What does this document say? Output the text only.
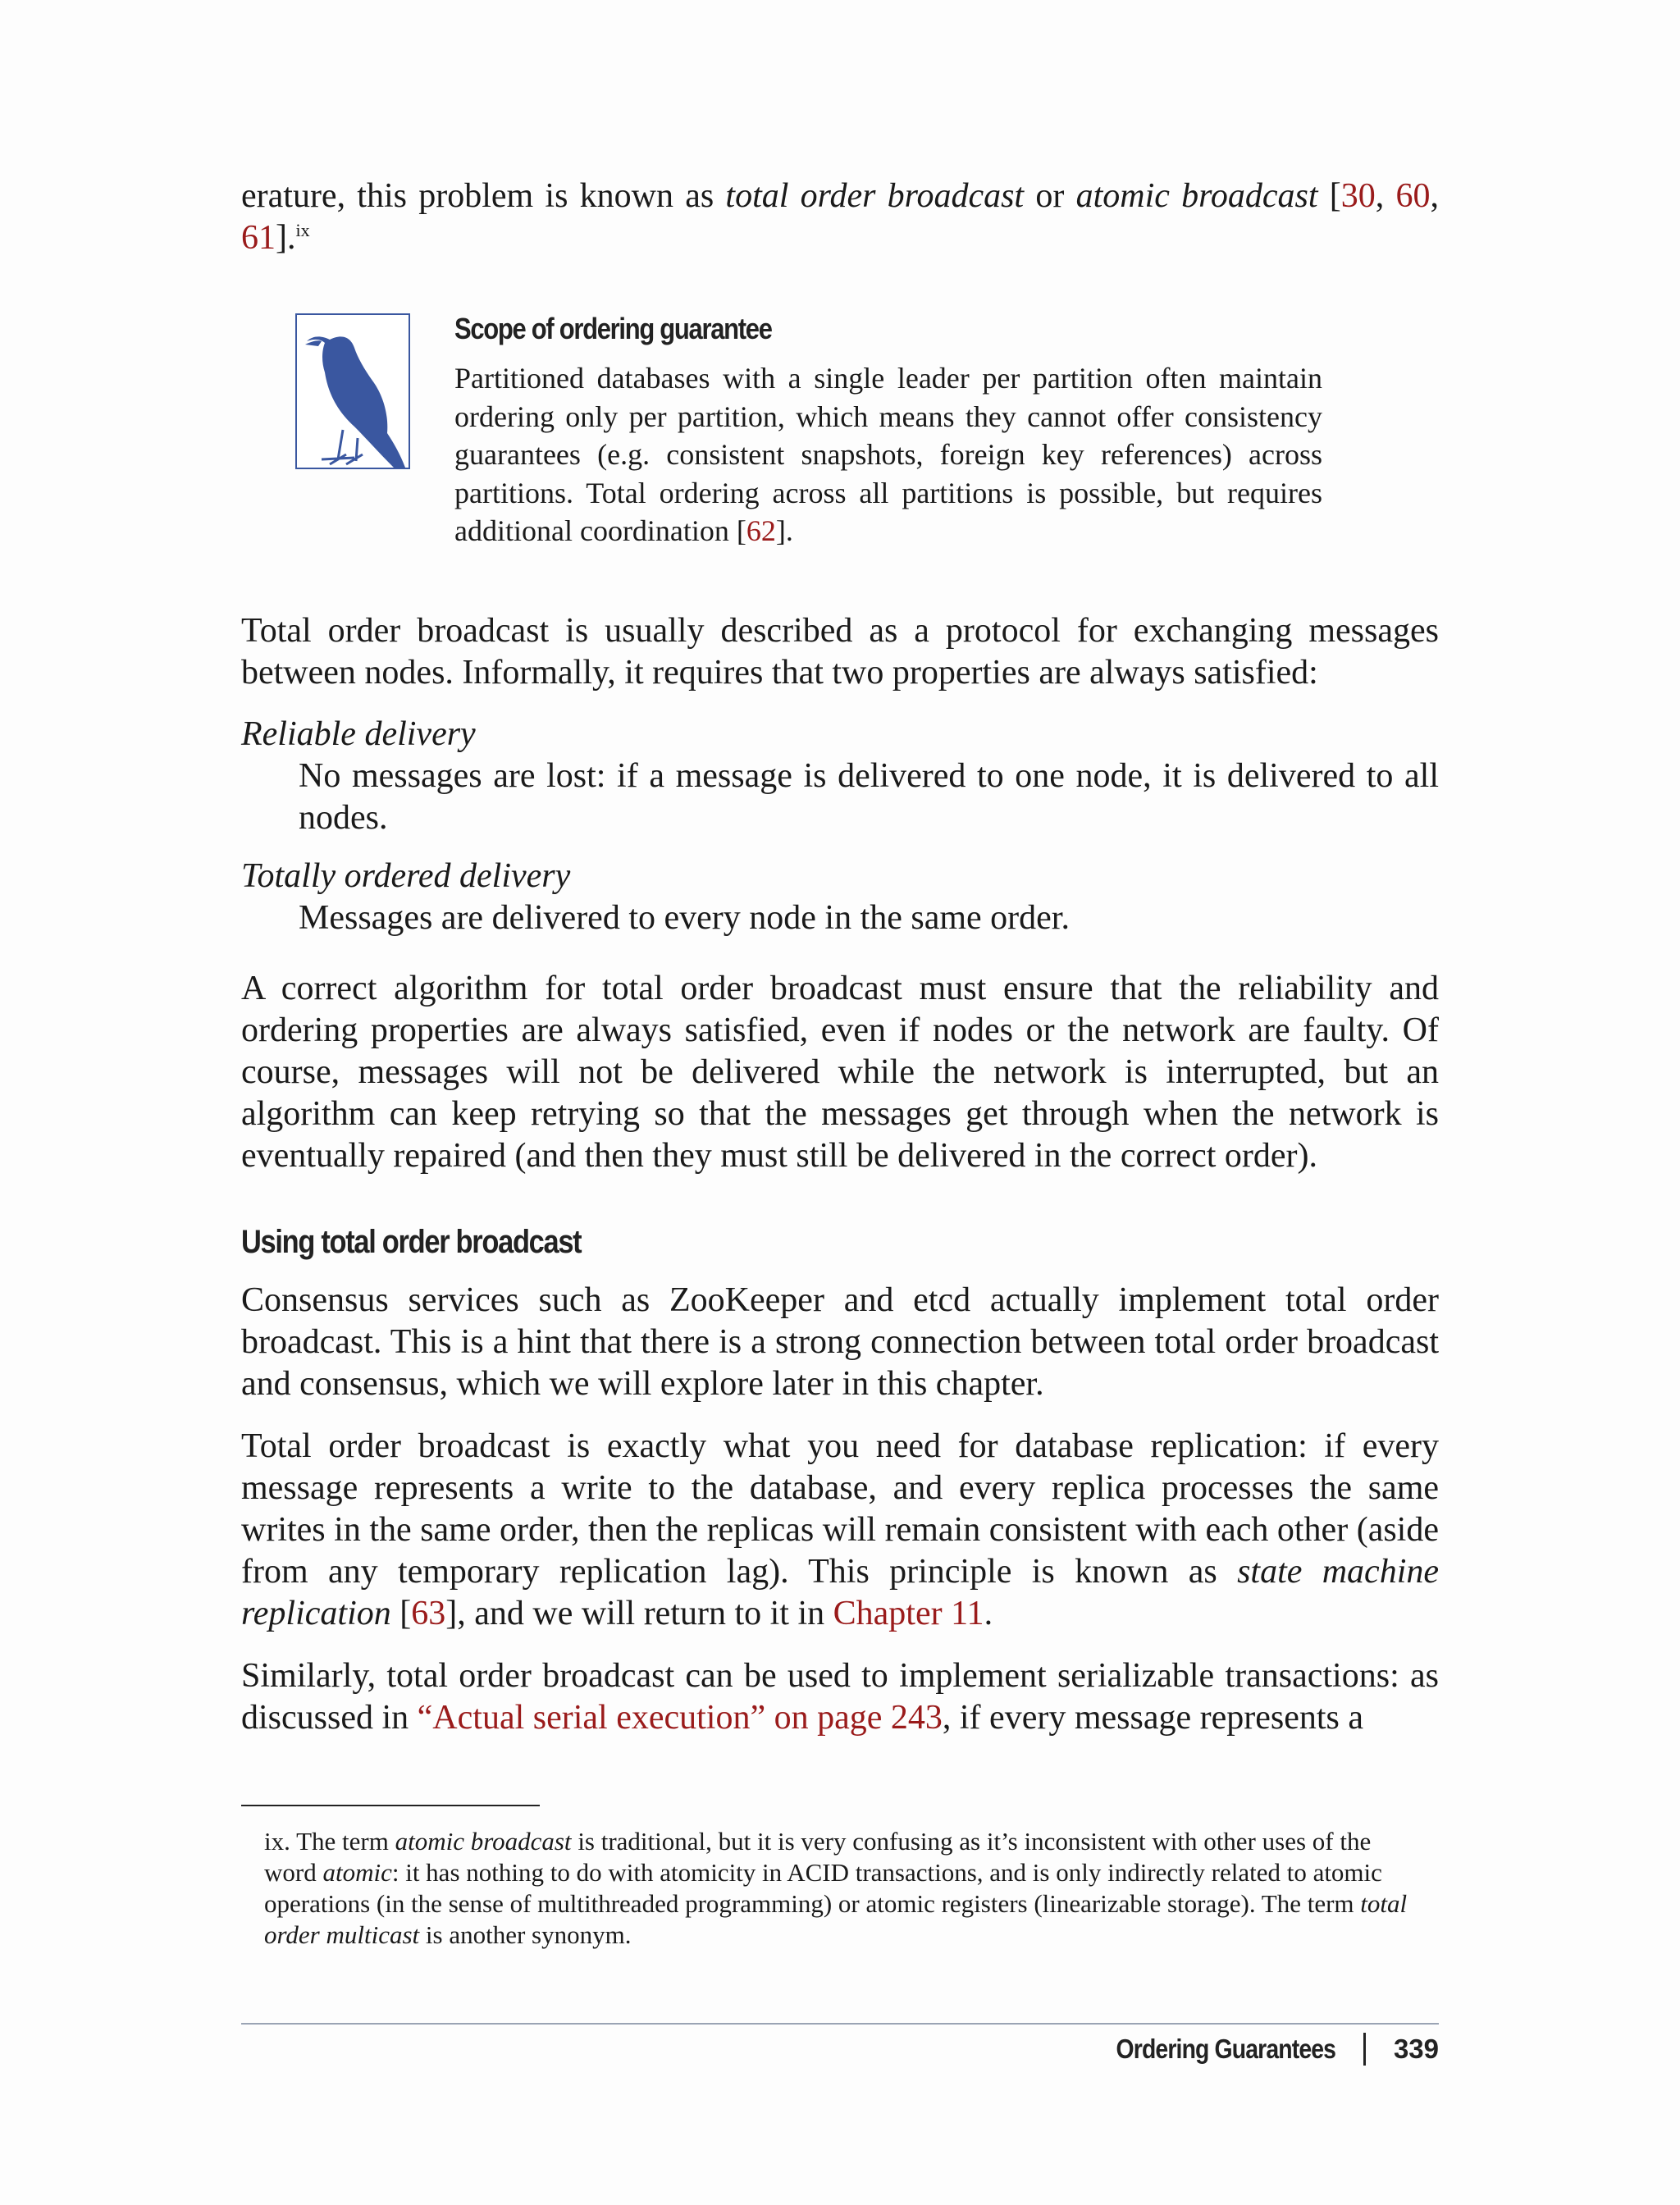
erature, this problem is known as total order broadcast or atomic broadcast [30, 60, 61].$^{ix}$

Scope of ordering guarantee

Partitioned databases with a single leader per partition often maintain ordering only per partition, which means they cannot offer consistency guarantees (e.g. consistent snapshots, foreign key references) across partitions. Total ordering across all partitions is possible, but requires additional coordination [62].

Total order broadcast is usually described as a protocol for exchanging messages between nodes. Informally, it requires that two properties are always satisfied:

Reliable delivery
No messages are lost: if a message is delivered to one node, it is delivered to all nodes.
Totally ordered delivery
Messages are delivered to every node in the same order.

A correct algorithm for total order broadcast must ensure that the reliability and ordering properties are always satisfied, even if nodes or the network are faulty. Of course, messages will not be delivered while the network is interrupted, but an algorithm can keep retrying so that the messages get through when the network is eventually repaired (and then they must still be delivered in the correct order).

Using total order broadcast

Consensus services such as ZooKeeper and etcd actually implement total order broadcast. This is a hint that there is a strong connection between total order broadcast and consensus, which we will explore later in this chapter.

Total order broadcast is exactly what you need for database replication: if every message represents a write to the database, and every replica processes the same writes in the same order, then the replicas will remain consistent with each other (aside from any temporary replication lag). This principle is known as state machine replication [63], and we will return to it in Chapter 11.

Similarly, total order broadcast can be used to implement serializable transactions: as discussed in “Actual serial execution” on page 243, if every message represents a

ix. The term atomic broadcast is traditional, but it is very confusing as it’s inconsistent with other uses of the word atomic: it has nothing to do with atomicity in ACID transactions, and is only indirectly related to atomic operations (in the sense of multithreaded programming) or atomic registers (linearizable storage). The term total order multicast is another synonym.

Ordering Guarantees 339
